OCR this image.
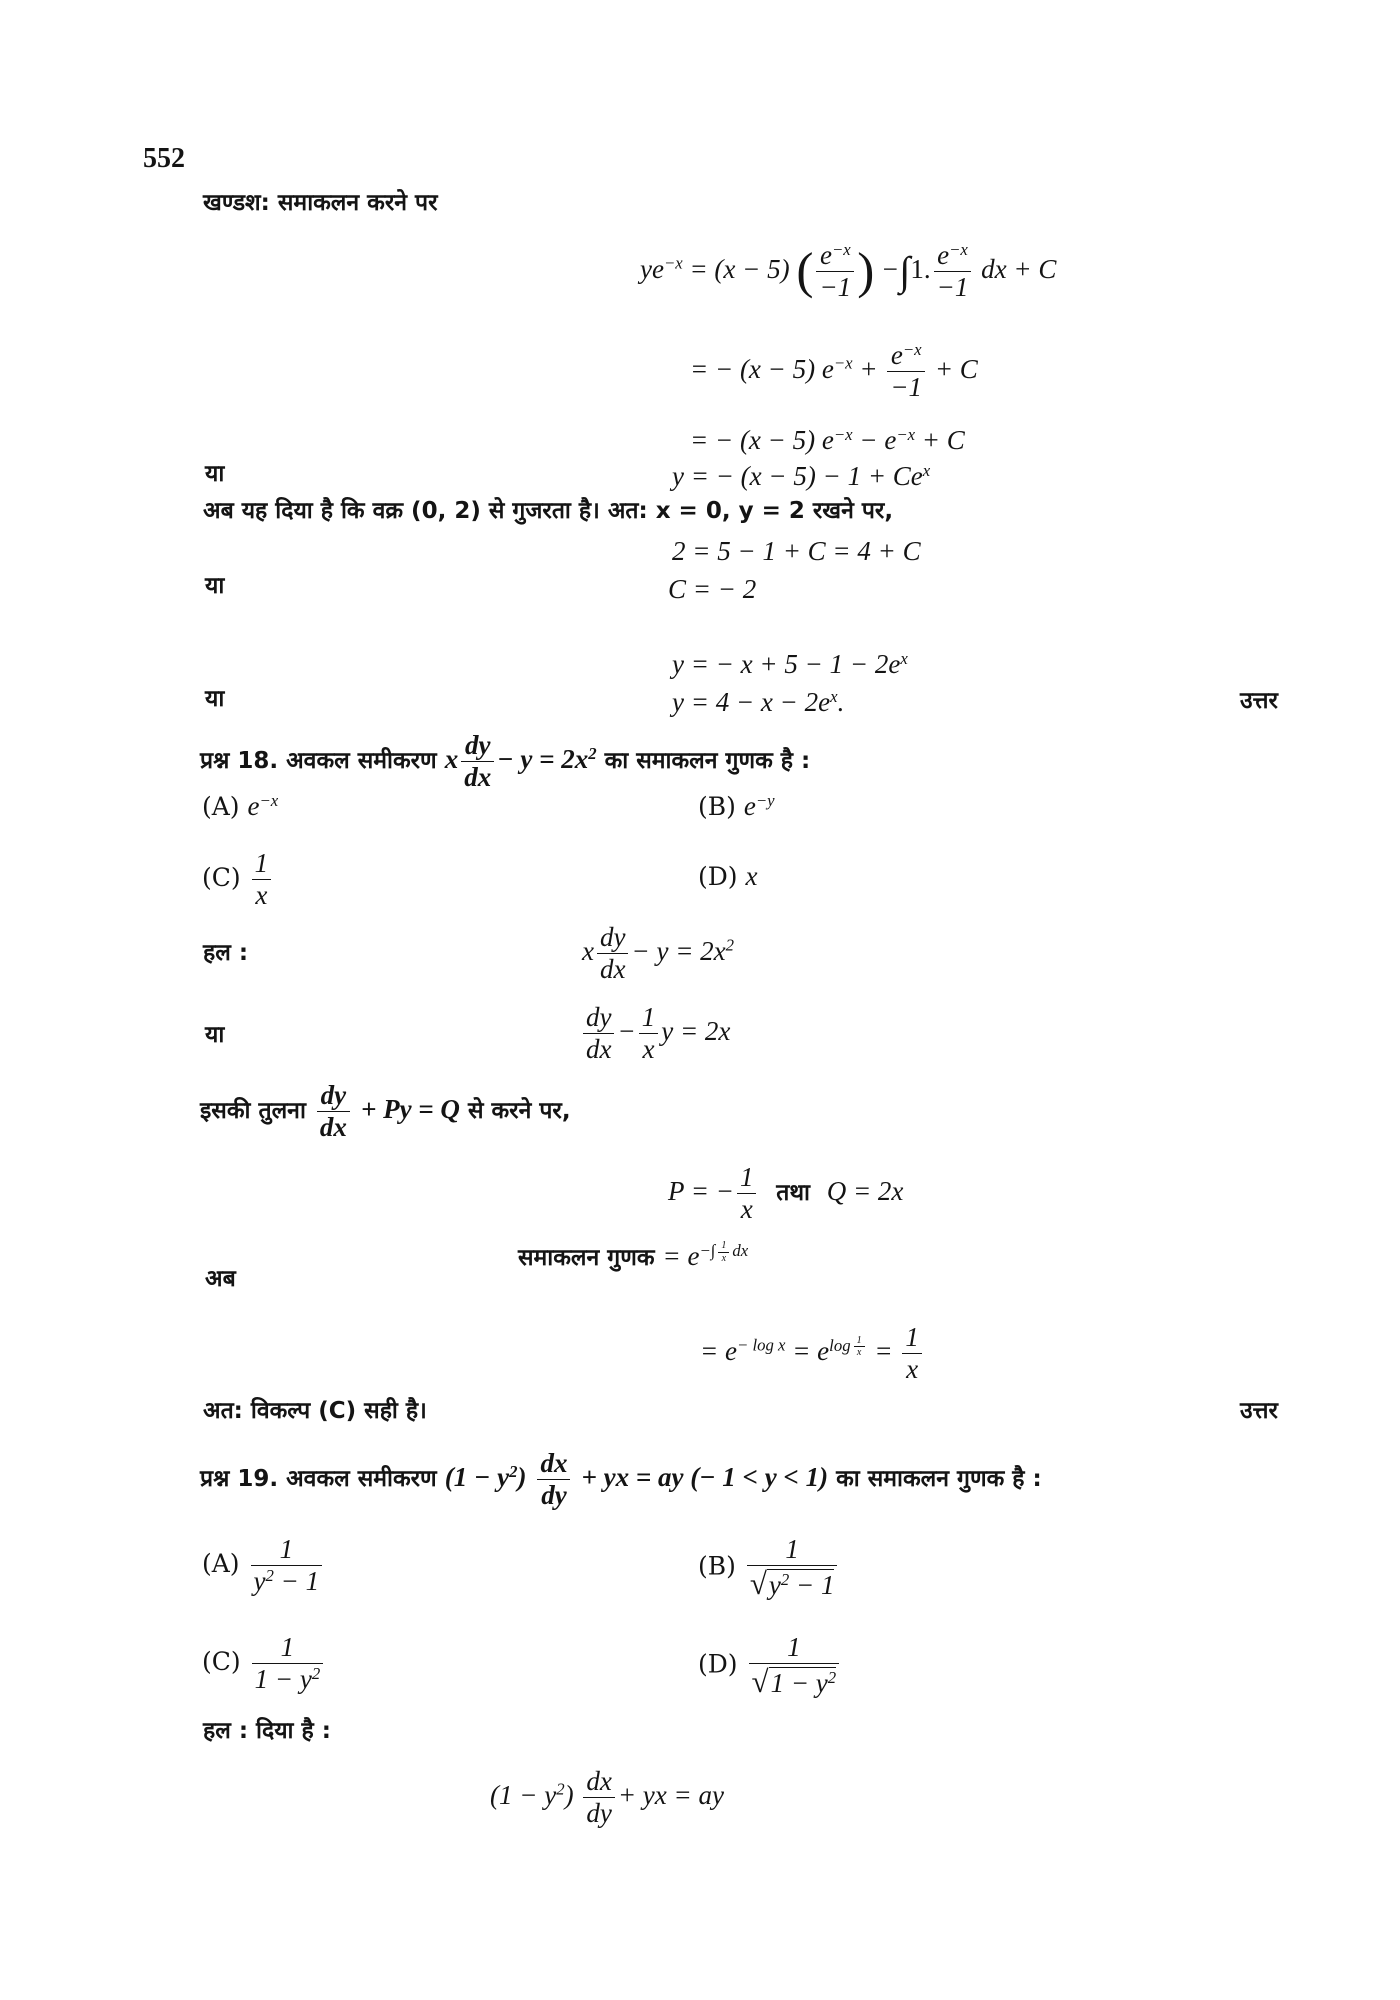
552
खण्डश: समाकलन करने पर
$ye^{-x} = (x - 5)$ ( $\frac{e^{-x}}{-1}$ ) −∫1. $\frac{e^{-x}}{-1}$ dx + C
= − (x − 5) $e^{-x} + \frac{e^{-x}}{-1} + C$
= − (x − 5) $e^{-x} - e^{-x} + C$
या	y = − $(x - 5) - 1 + Ce^x$
अब यह दिया है कि वक्र (0, 2) से गुजरता है। अत: x = 0, y = 2 रखने पर,
2 = 5 − 1 + C = 4 + C
या	C = − 2
y = − $x + 5 - 1 - 2e^x$
या	$y = 4 - x - 2e^x$.	उत्तर
प्रश्न 18. अवकल समीकरण x $\frac{dy}{dx} - y = 2x^2$ का समाकलन गुणक है :
(A) $e^{-x}$	(B) $e^{-y}$
$(C) \frac{1}{x}$	(D) x
हल :	x $\frac{dy}{dx} - y = 2x^2$
या	$\frac{dy}{dx} - \frac{1}{x}$ y = 2x
इसकी तुलना $\frac{dy}{dx} + Py = Q$ से करने पर,
P = − $\frac{1}{x}$ तथा Q = 2x
अब
समाकलन गुणक = $e^{-\int \frac{1}{x} dx}$
= $e^{- log x} = e^{log \frac{1}{x}} = \frac{1}{x}$
अत: विकल्प (C) सही है।	उत्तर
प्रश्न 19. अवकल समीकरण $(1 - y^2) \frac{dx}{dy}$ + yx = ay (− 1 < y < 1) का समाकलन गुणक है :
$(A) \frac{1}{y^2 - 1}$	$(B) \frac{1}{√y^2 - 1}$
$(C) \frac{1}{1 - y^2}$	$(D) \frac{1}{√1 - y^2}$
हल : दिया है :
$(1 - y^2) \frac{dx}{dy}$ + yx = ay
